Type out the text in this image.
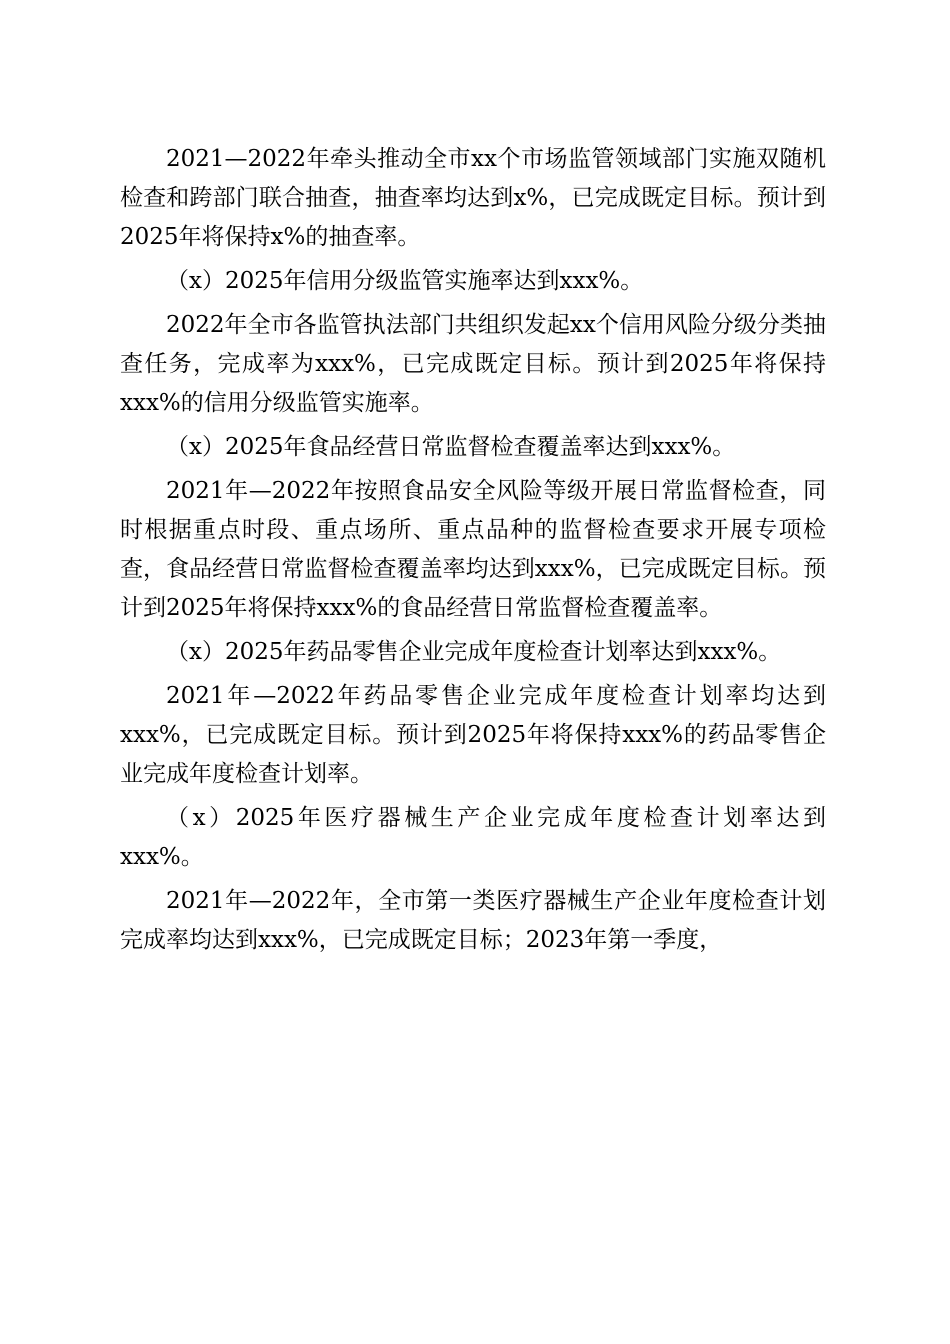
2021—2022年牵头推动全市xx个市场监管领域部门实施双随机检查和跨部门联合抽查，抽查率均达到x%，已完成既定目标。预计到2025年将保持x%的抽查率。

（x）2025年信用分级监管实施率达到xxx%。

2022年全市各监管执法部门共组织发起xx个信用风险分级分类抽查任务，完成率为xxx%，已完成既定目标。预计到2025年将保持xxx%的信用分级监管实施率。

（x）2025年食品经营日常监督检查覆盖率达到xxx%。

2021年—2022年按照食品安全风险等级开展日常监督检查，同时根据重点时段、重点场所、重点品种的监督检查要求开展专项检查，食品经营日常监督检查覆盖率均达到xxx%，已完成既定目标。预计到2025年将保持xxx%的食品经营日常监督检查覆盖率。

（x）2025年药品零售企业完成年度检查计划率达到xxx%。

2021年—2022年药品零售企业完成年度检查计划率均达到xxx%，已完成既定目标。预计到2025年将保持xxx%的药品零售企业完成年度检查计划率。

（x）2025年医疗器械生产企业完成年度检查计划率达到xxx%。

2021年—2022年，全市第一类医疗器械生产企业年度检查计划完成率均达到xxx%，已完成既定目标；2023年第一季度，
